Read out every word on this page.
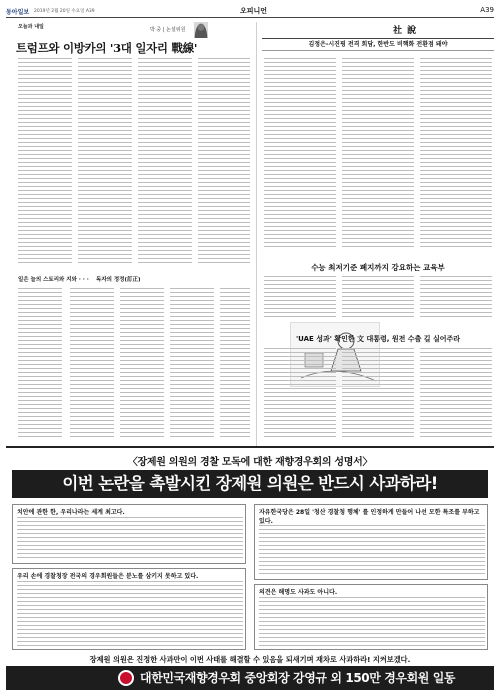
동아일보 2019년 2월 20일 수요일 A39	오피니언	A39
오늘과 내일	박 중 | 논설위원
트럼프와 이방카의 '3대 일자리 戰線'
일은 늘의 스토리와 지와 · · · 독자의 정정(訂正)
社 說
김정은-시진핑 전격 회담, 한반도 비핵화 전환점 돼야
수능 최저기준 폐지까지 강요하는 교육부
'UAE 성과' 확인한 文 대통령, 원전 수출 길 실어주라
〈장제원 의원의 경찰 모독에 대한 재향경우회의 성명서〉
이번 논란을 촉발시킨 장제원 의원은 반드시 사과하라!
치안에 관한 한, 우리나라는 세계 최고다.
우리 손에 경찰청장 전국의 경우회원들은 분노를 삼키지 못하고 있다.
자유한국당은 28일 '청산 경찰청 행체' 를 인정하게 만들어 나선 모한 특조를 부하고 있다.
의견은 해명도 사과도 아니다.
장제원 의원은 진정한 사과만이 이번 사태를 해결할 수 있음을 되새기며 재차로 사과하라! 지켜보겠다.
대한민국재향경우회 중앙회장 강영규 외 150만 경우회원 일동
